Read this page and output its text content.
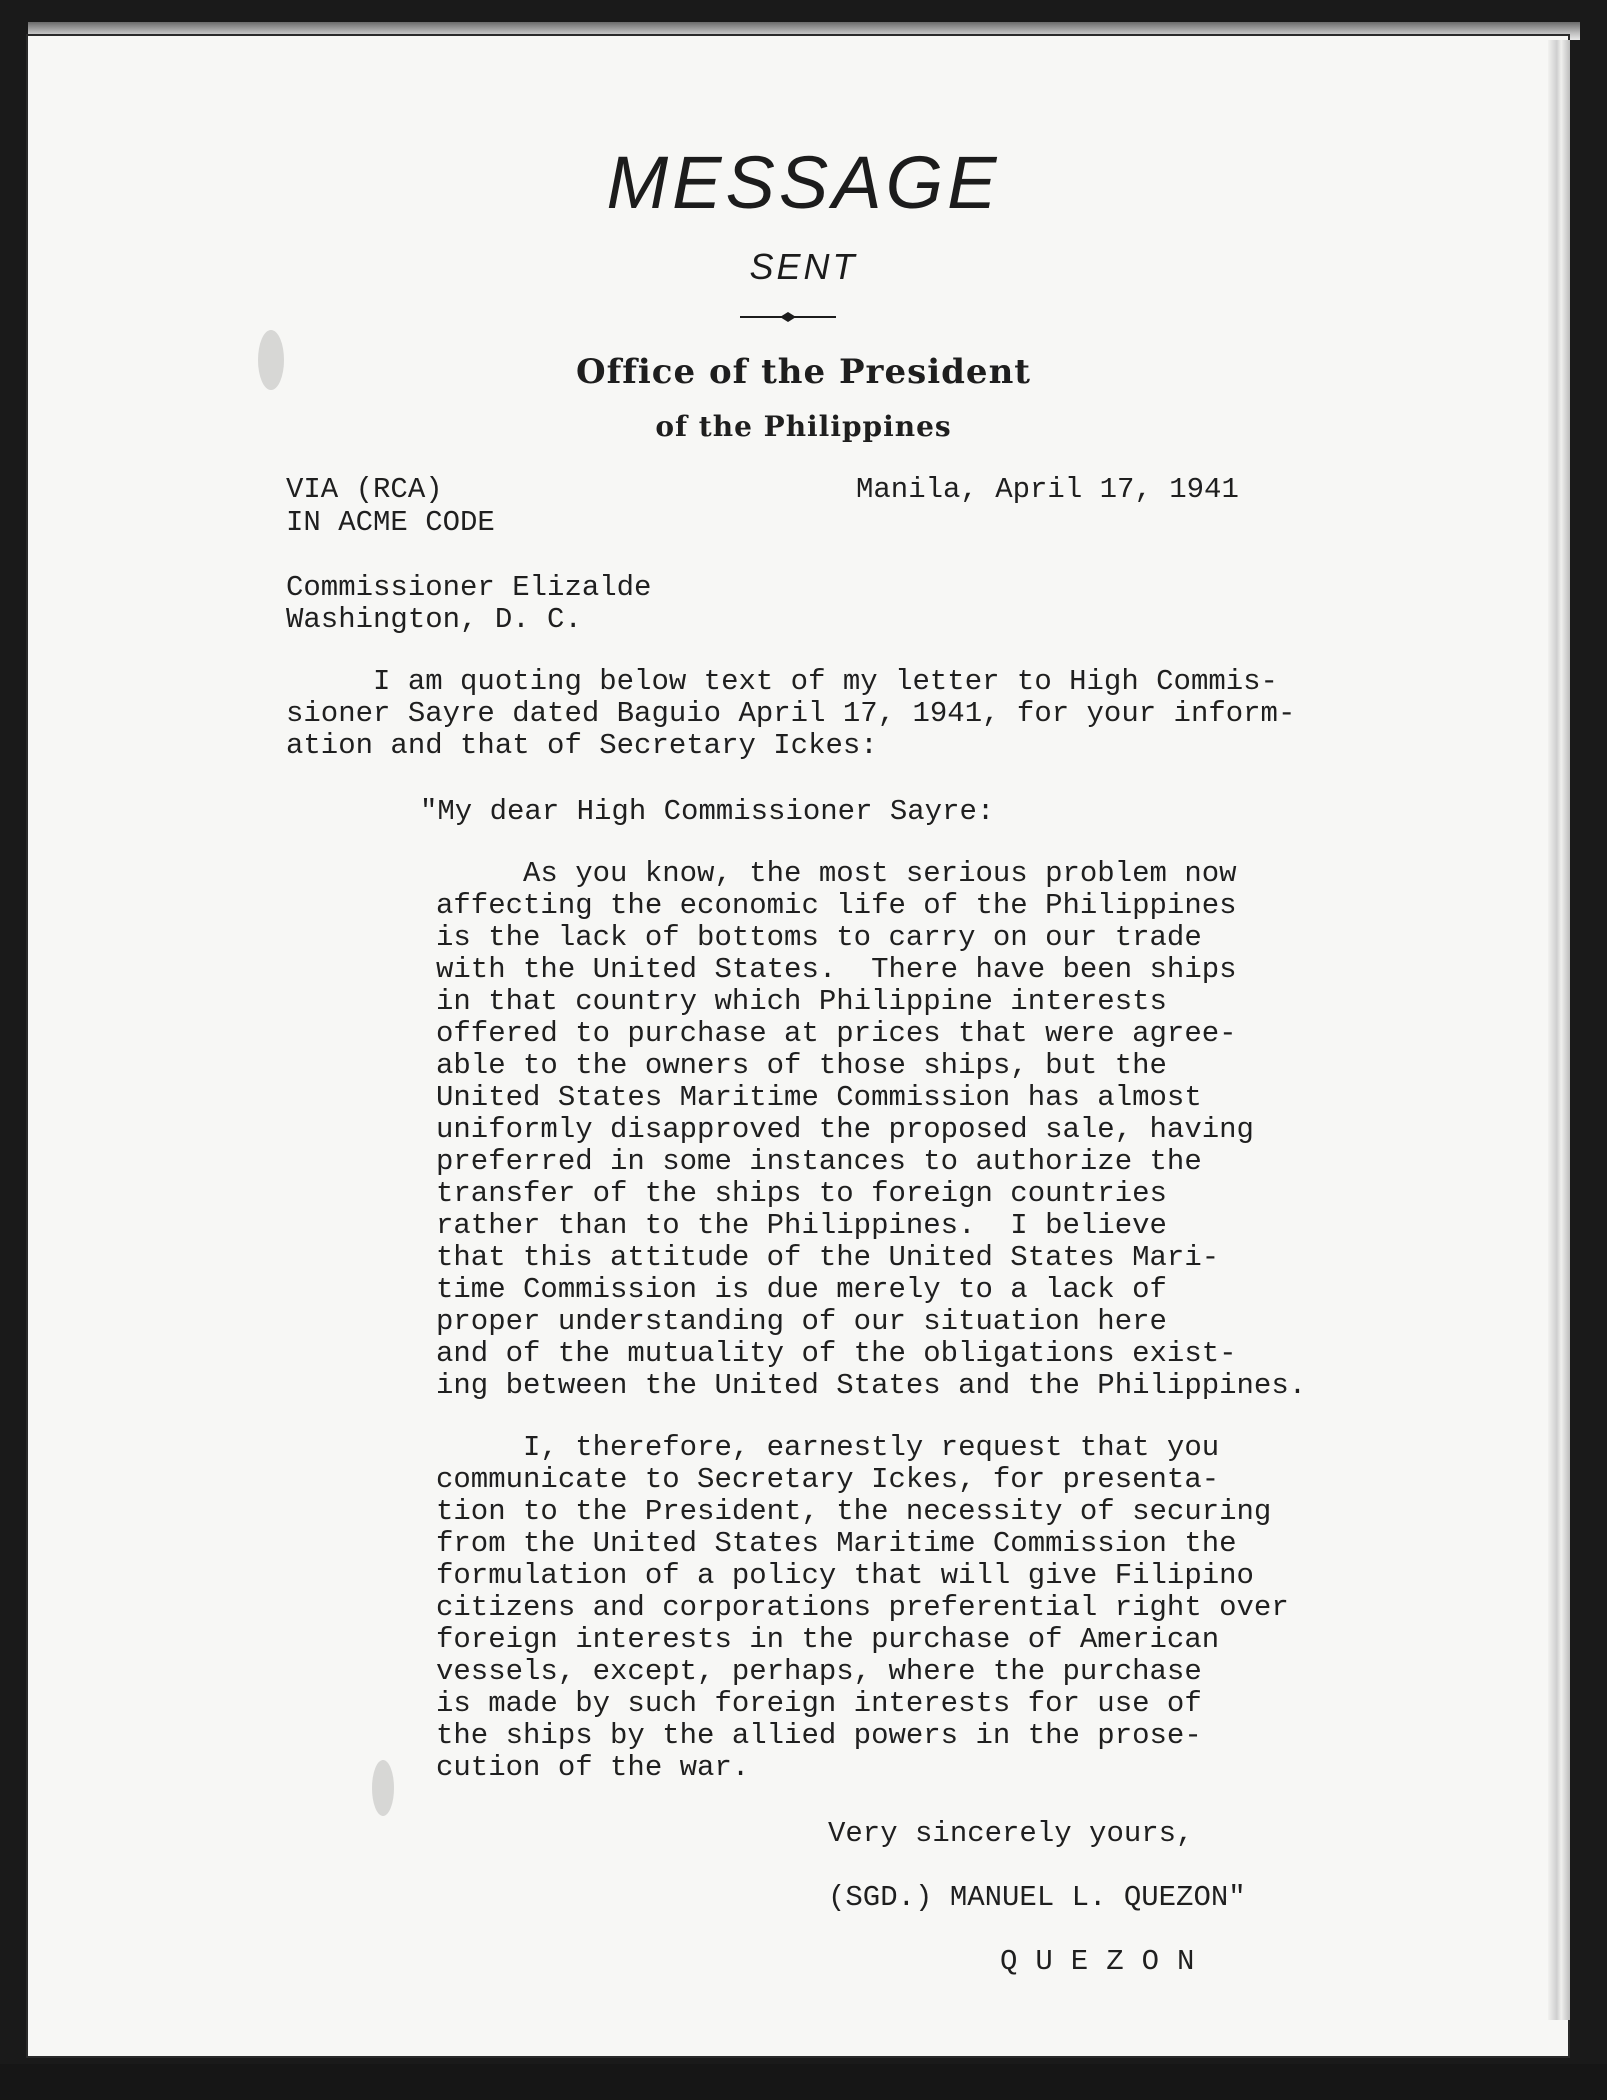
MESSAGE
SENT
Office of the President
of the Philippines

VIA (RCA)

IN ACME CODE

Manila, April 17, 1941

Commissioner Elizalde

Washington, D. C.

I am quoting below text of my letter to High Commis-
sioner Sayre dated Baguio April 17, 1941, for your inform-
ation and that of Secretary Ickes:

"My dear High Commissioner Sayre:

As you know, the most serious problem now
affecting the economic life of the Philippines
is the lack of bottoms to carry on our trade
with the United States.  There have been ships
in that country which Philippine interests
offered to purchase at prices that were agree-
able to the owners of those ships, but the
United States Maritime Commission has almost
uniformly disapproved the proposed sale, having
preferred in some instances to authorize the
transfer of the ships to foreign countries
rather than to the Philippines.  I believe
that this attitude of the United States Mari-
time Commission is due merely to a lack of
proper understanding of our situation here
and of the mutuality of the obligations exist-
ing between the United States and the Philippines.
I, therefore, earnestly request that you
communicate to Secretary Ickes, for presenta-
tion to the President, the necessity of securing
from the United States Maritime Commission the
formulation of a policy that will give Filipino
citizens and corporations preferential right over
foreign interests in the purchase of American
vessels, except, perhaps, where the purchase
is made by such foreign interests for use of
the ships by the allied powers in the prose-
cution of the war.

Very sincerely yours,

(SGD.) MANUEL L. QUEZON"

QUEZON
